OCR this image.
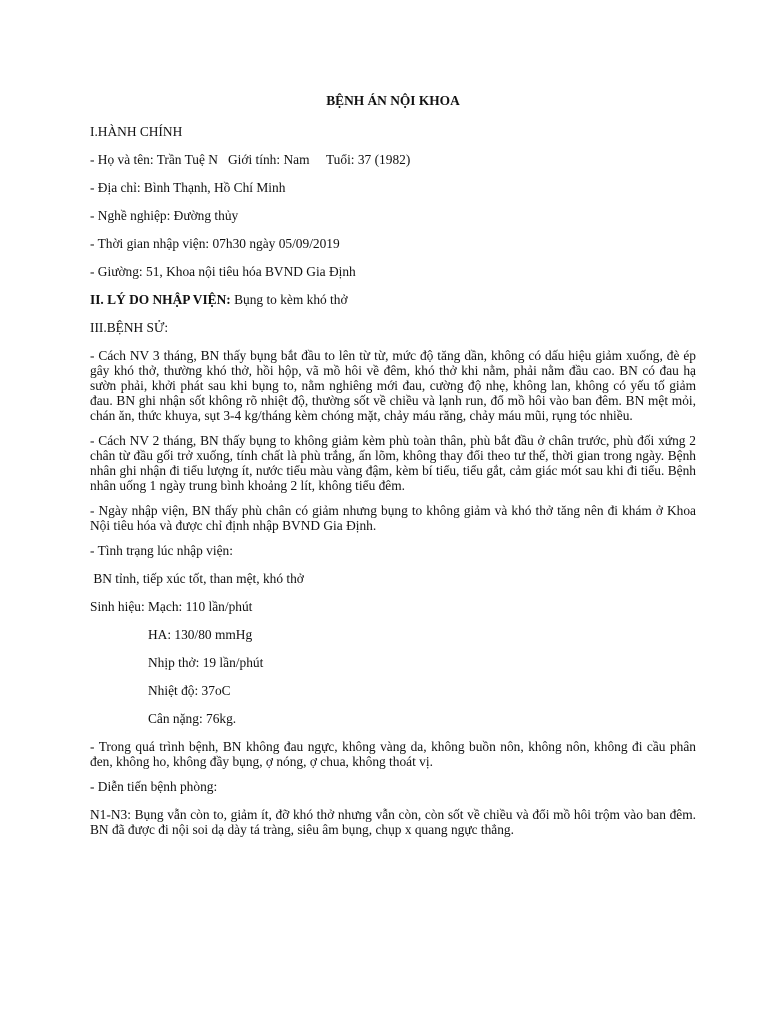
BỆNH ÁN NỘI KHOA
I.HÀNH CHÍNH
- Họ và tên: Trần Tuệ N   Giới tính: Nam     Tuổi: 37 (1982)
- Địa chỉ: Bình Thạnh, Hồ Chí Minh
- Nghề nghiệp: Đường thủy
- Thời gian nhập viện: 07h30 ngày 05/09/2019
- Giường: 51, Khoa nội tiêu hóa BVND Gia Định
II. LÝ DO NHẬP VIỆN: Bụng to kèm khó thở
III.BỆNH SỬ:

- Cách NV 3 tháng, BN thấy bụng bắt đầu to lên từ từ, mức độ tăng dần, không có dấu hiệu giảm xuống, đè ép gây khó thở, thường khó thở, hồi hộp, vã mồ hôi về đêm, khó thở khi nằm, phải nằm đầu cao. BN có đau hạ sườn phải, khởi phát sau khi bụng to, nằm nghiêng mới đau, cường độ nhẹ, không lan, không có yếu tố giảm đau. BN ghi nhận sốt không rõ nhiệt độ, thường sốt về chiều và lạnh run, đổ mồ hôi vào ban đêm. BN mệt mỏi, chán ăn, thức khuya, sụt 3-4 kg/tháng kèm chóng mặt, chảy máu răng, chảy máu mũi, rụng tóc nhiều.

- Cách NV 2 tháng, BN thấy bụng to không giảm kèm phù toàn thân, phù bắt đầu ở chân trước, phù đối xứng 2 chân từ đầu gối trở xuống, tính chất là phù trắng, ấn lõm, không thay đổi theo tư thế, thời gian trong ngày. Bệnh nhân ghi nhận đi tiểu lượng ít, nước tiểu màu vàng đậm, kèm bí tiểu, tiểu gắt, cảm giác mót sau khi đi tiểu. Bệnh nhân uống 1 ngày trung bình khoảng 2 lít, không tiểu đêm.

- Ngày nhập viện, BN thấy phù chân có giảm nhưng bụng to không giảm và khó thở tăng nên đi khám ở Khoa Nội tiêu hóa và được chỉ định nhập BVND Gia Định.

- Tình trạng lúc nhập viện:
BN tỉnh, tiếp xúc tốt, than mệt, khó thở
Sinh hiệu: Mạch: 110 lần/phút
HA: 130/80 mmHg
Nhịp thở: 19 lần/phút
Nhiệt độ: 37oC
Cân nặng: 76kg.

- Trong quá trình bệnh, BN không đau ngực, không vàng da, không buồn nôn, không nôn, không đi cầu phân đen, không ho, không đầy bụng, ợ nóng, ợ chua, không thoát vị.

- Diễn tiến bệnh phòng:

N1-N3: Bụng vẫn còn to, giảm ít, đỡ khó thở nhưng vẫn còn, còn sốt về chiều và đổi mồ hôi trộm vào ban đêm. BN đã được đi nội soi dạ dày tá tràng, siêu âm bụng, chụp x quang ngực thẳng.
